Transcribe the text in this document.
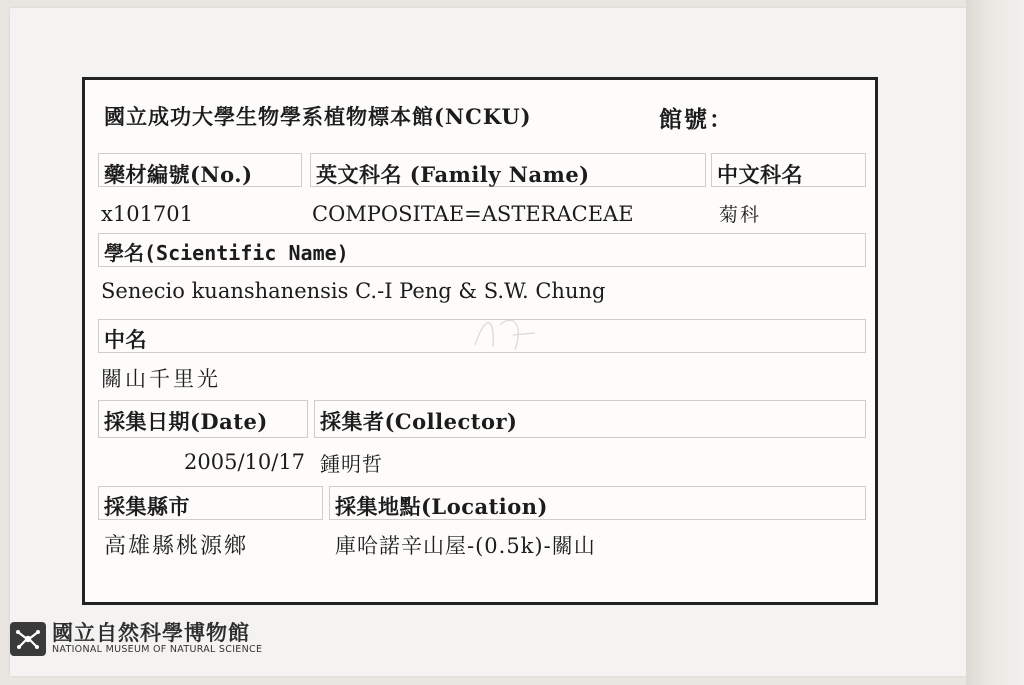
國立成功大學生物學系植物標本館(NCKU)	館號：
藥材編號(No.)	英文科名 (Family Name)	中文科名
x101701	COMPOSITAE=ASTERACEAE	菊科
學名(Scientific Name)
Senecio kuanshanensis C.-I Peng & S.W. Chung
中名
關山千里光
採集日期(Date) 採集者(Collector)
2005/10/17 鍾明哲
採集縣市	採集地點(Location)
高雄縣桃源鄉	庫哈諾辛山屋-(0.5k)-關山
國立自然科學博物館
NATIONAL MUSEUM OF NATURAL SCIENCE
